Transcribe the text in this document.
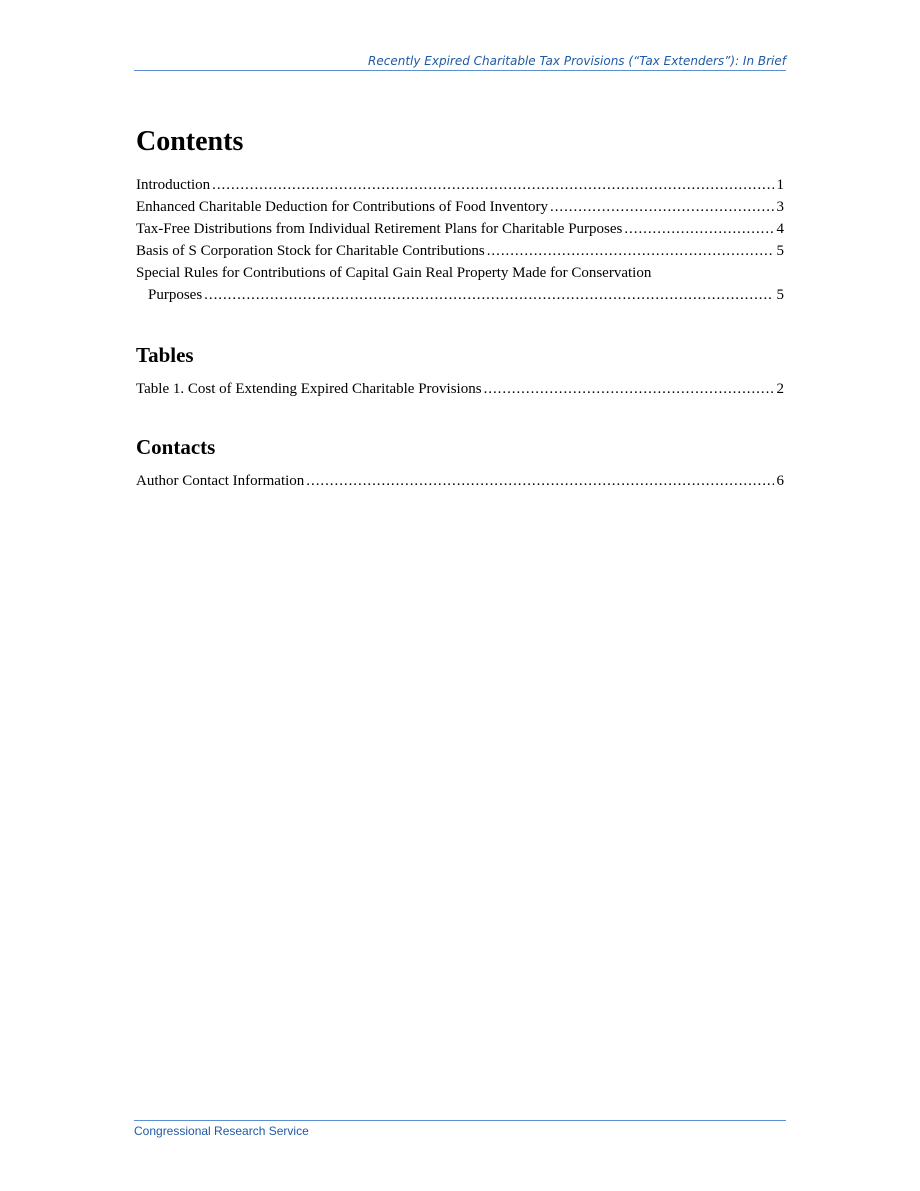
Recently Expired Charitable Tax Provisions (“Tax Extenders”): In Brief
Contents
Introduction . . .	1
Enhanced Charitable Deduction for Contributions of Food Inventory . . .	3
Tax-Free Distributions from Individual Retirement Plans for Charitable Purposes . . .	4
Basis of S Corporation Stock for Charitable Contributions . . .	5
Special Rules for Contributions of Capital Gain Real Property Made for Conservation
Purposes . . .	5
Tables
Table 1. Cost of Extending Expired Charitable Provisions . . .	2
Contacts
Author Contact Information . . .	6
Congressional Research Service
